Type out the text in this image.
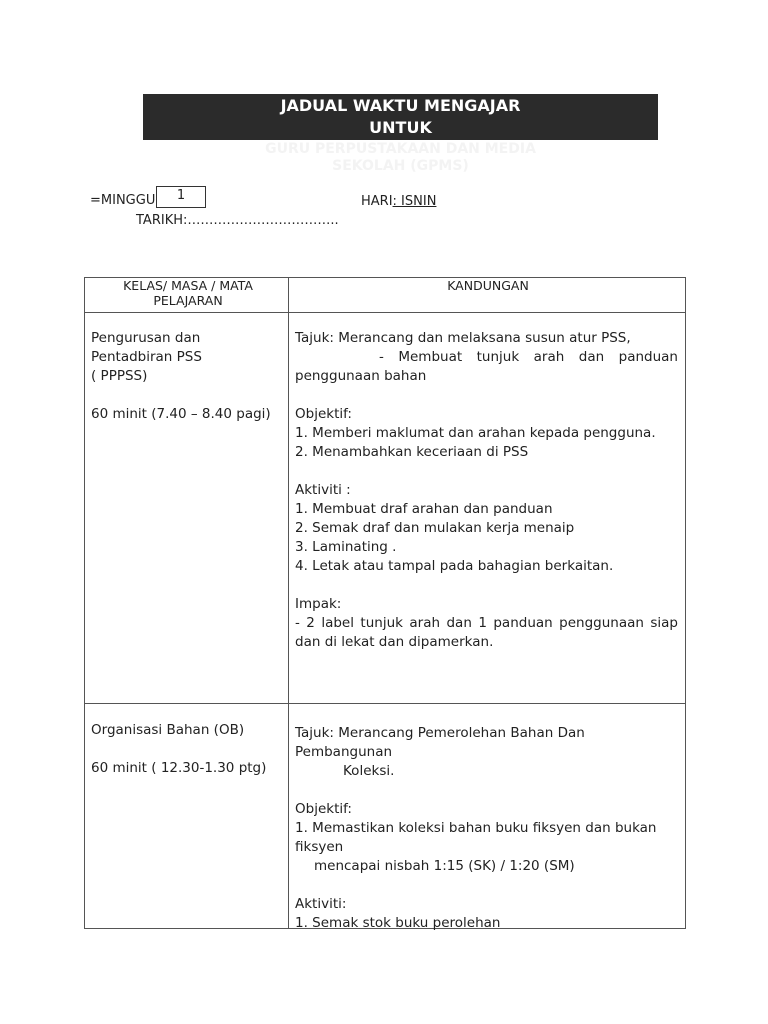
JADUAL WAKTU MENGAJAR
UNTUK
GURU PERPUSTAKAAN DAN MEDIA
SEKOLAH (GPMS)
=MINGGU	1	HARI: ISNIN
TARIKH:……………………………..
KELAS/ MASA / MATA PELAJARAN
KANDUNGAN
Pengurusan dan Pentadbiran PSS
( PPPSS)
60 minit (7.40 – 8.40 pagi)
Tajuk: Merancang dan melaksana susun atur PSS,
- Membuat tunjuk arah dan panduan penggunaan bahan
Objektif:
1. Memberi maklumat dan arahan kepada pengguna.
2. Menambahkan keceriaan di PSS
Aktiviti :
1. Membuat draf arahan dan panduan
2. Semak draf dan mulakan kerja menaip
3. Laminating .
4. Letak atau tampal pada bahagian berkaitan.
Impak:
- 2 label tunjuk arah dan 1 panduan penggunaan siap dan di lekat dan dipamerkan.
Organisasi Bahan (OB)
60 minit ( 12.30-1.30 ptg)
Tajuk: Merancang Pemerolehan Bahan Dan Pembangunan
Koleksi.
Objektif:
1. Memastikan koleksi bahan buku fiksyen dan bukan fiksyen
mencapai nisbah 1:15 (SK) / 1:20 (SM)
Aktiviti:
1. Semak stok buku perolehan
